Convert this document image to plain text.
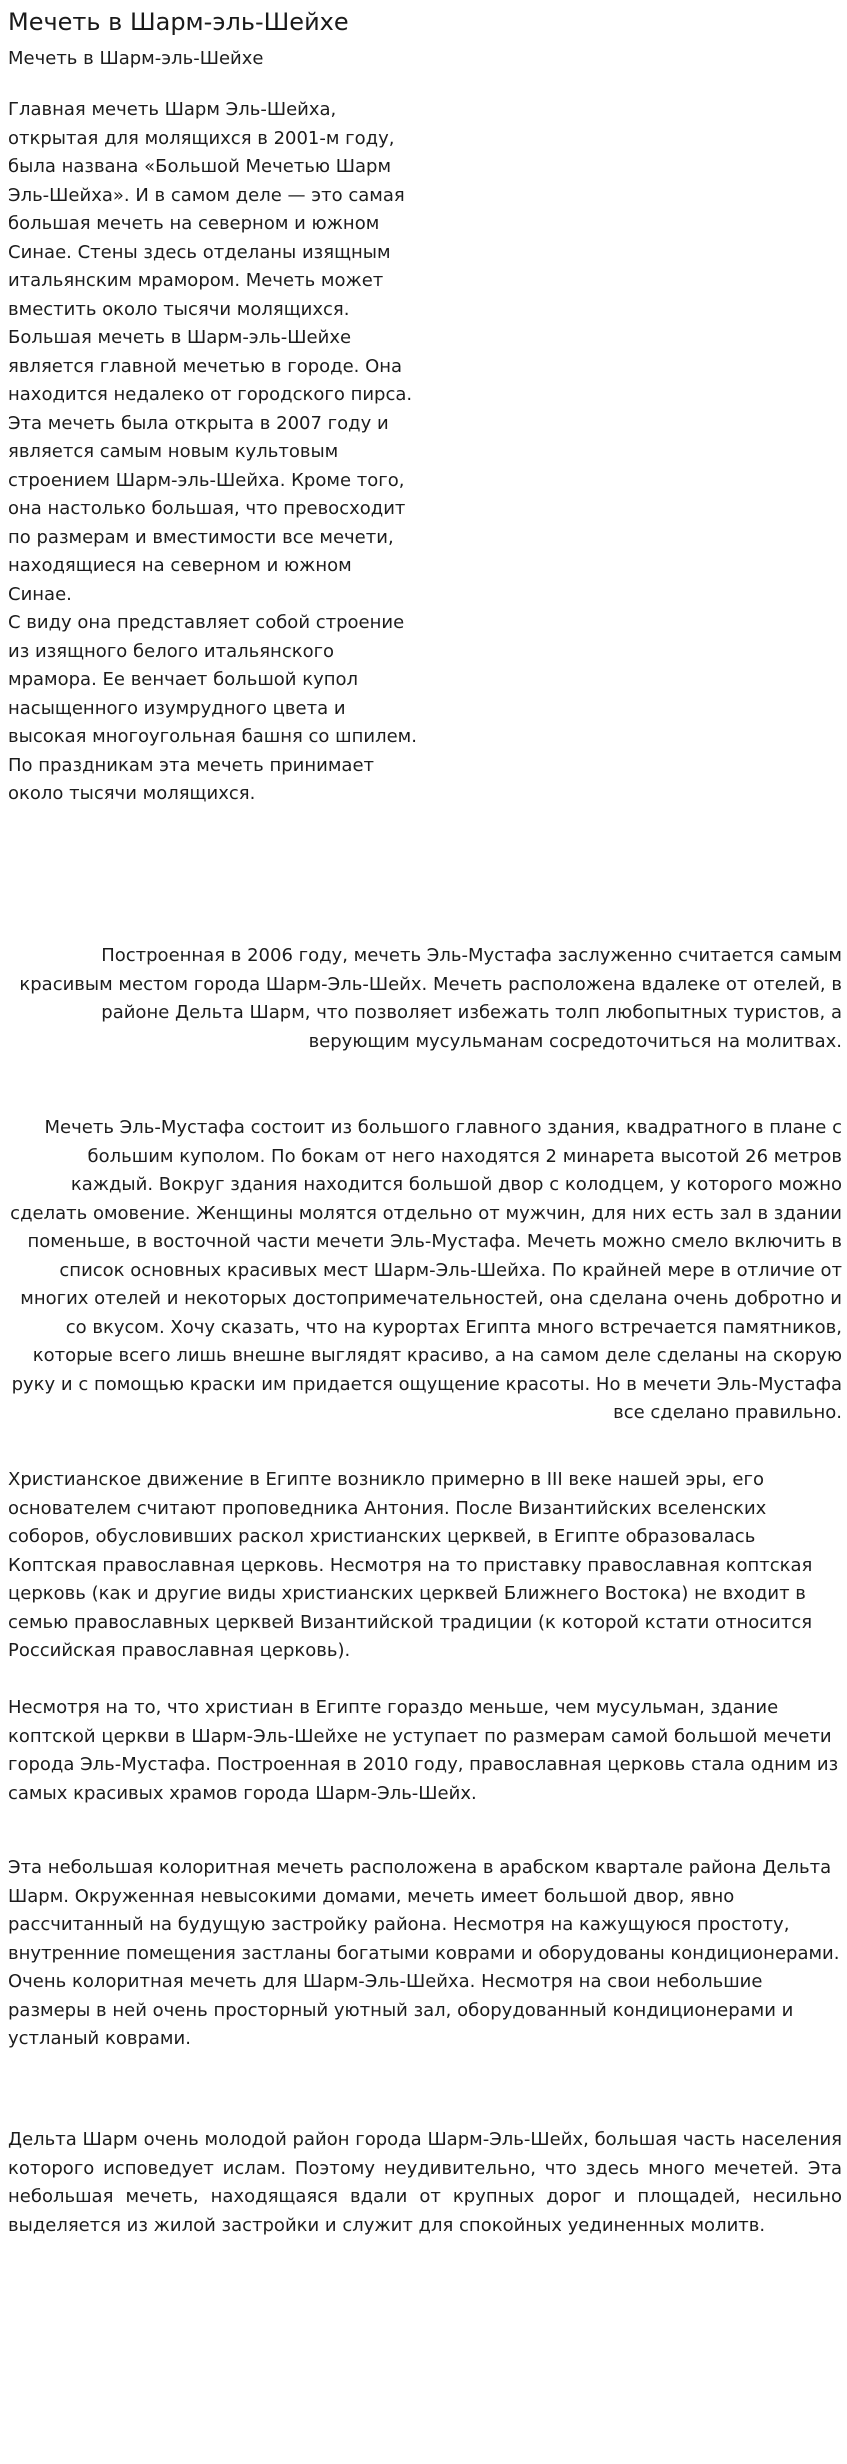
Мечеть в Шарм-эль-Шейхе
Мечеть в Шарм-эль-Шейхе

Главная мечеть Шарм Эль-Шейха, открытая для молящихся в 2001-м году, была названа «Большой Мечетью Шарм Эль-Шейха». И в самом деле — это самая большая мечеть на северном и южном Синае. Стены здесь отделаны изящным итальянским мрамором. Мечеть может вместить около тысячи молящихся. Большая мечеть в Шарм-эль-Шейхе является главной мечетью в городе. Она находится недалеко от городского пирса.

Эта мечеть была открыта в 2007 году и является самым новым культовым строением Шарм-эль-Шейха. Кроме того, она настолько большая, что превосходит по размерам и вместимости все мечети, находящиеся на северном и южном Синае.

С виду она представляет собой строение из изящного белого итальянского мрамора. Ее венчает большой купол насыщенного изумрудного цвета и высокая многоугольная башня со шпилем. По праздникам эта мечеть принимает около тысячи молящихся.

Построенная в 2006 году, мечеть Эль-Мустафа заслуженно считается самым красивым местом города Шарм-Эль-Шейх. Мечеть расположена вдалеке от отелей, в районе Дельта Шарм, что позволяет избежать толп любопытных туристов, а верующим мусульманам сосредоточиться на молитвах.

Мечеть Эль-Мустафа состоит из большого главного здания, квадратного в плане с большим куполом. По бокам от него находятся 2 минарета высотой 26 метров каждый. Вокруг здания находится большой двор с колодцем, у которого можно сделать омовение. Женщины молятся отдельно от мужчин, для них есть зал в здании поменьше, в восточной части мечети Эль-Мустафа. Мечеть можно смело включить в список основных красивых мест Шарм-Эль-Шейха. По крайней мере в отличие от многих отелей и некоторых достопримечательностей, она сделана очень добротно и со вкусом. Хочу сказать, что на курортах Египта много встречается памятников, которые всего лишь внешне выглядят красиво, а на самом деле сделаны на скорую руку и с помощью краски им придается ощущение красоты. Но в мечети Эль-Мустафа все сделано правильно.

Христианское движение в Египте возникло примерно в III веке нашей эры, его основателем считают проповедника Антония. После Византийских вселенских соборов, обусловивших раскол христианских церквей, в Египте образовалась Коптская православная церковь. Несмотря на то приставку православная коптская церковь (как и другие виды христианских церквей Ближнего Востока) не входит в семью православных церквей Византийской традиции (к которой кстати относится Российская православная церковь).

Несмотря на то, что христиан в Египте гораздо меньше, чем мусульман, здание коптской церкви в Шарм-Эль-Шейхе не уступает по размерам самой большой мечети города Эль-Мустафа. Построенная в 2010 году, православная церковь стала одним из самых красивых храмов города Шарм-Эль-Шейх.

Эта небольшая колоритная мечеть расположена в арабском квартале района Дельта Шарм. Окруженная невысокими домами, мечеть имеет большой двор, явно рассчитанный на будущую застройку района. Несмотря на кажущуюся простоту, внутренние помещения застланы богатыми коврами и оборудованы кондиционерами.

Очень колоритная мечеть для Шарм-Эль-Шейха. Несмотря на свои небольшие размеры в ней очень просторный уютный зал, оборудованный кондиционерами и устланый коврами.

Дельта Шарм очень молодой район города Шарм-Эль-Шейх, большая часть населения которого исповедует ислам. Поэтому неудивительно, что здесь много мечетей. Эта небольшая мечеть, находящаяся вдали от крупных дорог и площадей, несильно выделяется из жилой застройки и служит для спокойных уединенных молитв.
